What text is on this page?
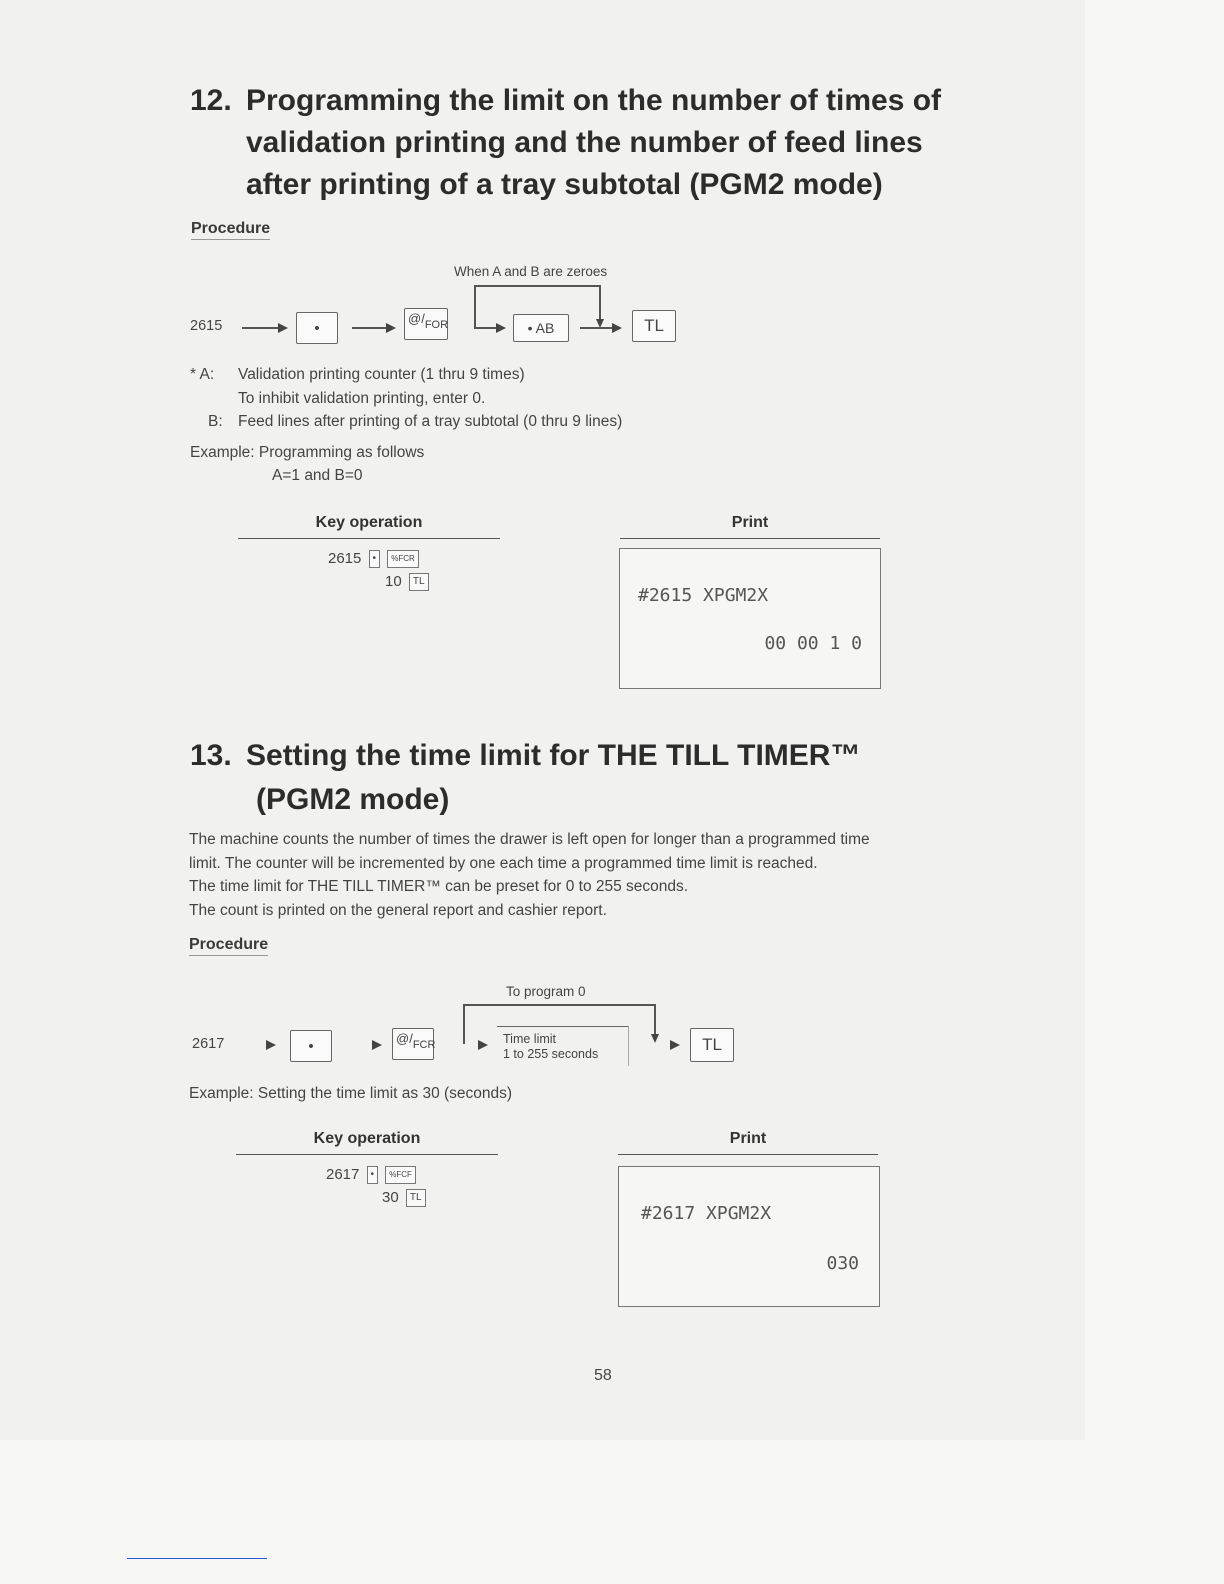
12. Programming the limit on the number of times of
validation printing and the number of feed lines
after printing of a tray subtotal (PGM2 mode)
Procedure
When A and B are zeroes
2615	•
@/ FOR	• AB	TL
* A: Validation printing counter (1 thru 9 times)
To inhibit validation printing, enter 0.
B: Feed lines after printing of a tray subtotal (0 thru 9 lines)
Example: Programming as follows
A=1 and B=0
Key operation	Print
2615 • %FCR
10 TL
#2615 XPGM2X
00 00 1 0
13. Setting the time limit for THE TILL TIMER™
(PGM2 mode)
The machine counts the number of times the drawer is left open for longer than a programmed time
limit. The counter will be incremented by one each time a programmed time limit is reached.
The time limit for THE TILL TIMER™ can be preset for 0 to 255 seconds.
The count is printed on the general report and cashier report.
Procedure
To program 0
2617	•	@/ FCR	Time limit
1 to 255 seconds	TL
Example: Setting the time limit as 30 (seconds)
Key operation	Print
2617 • %FCF
30 TL
#2617 XPGM2X
030
58
